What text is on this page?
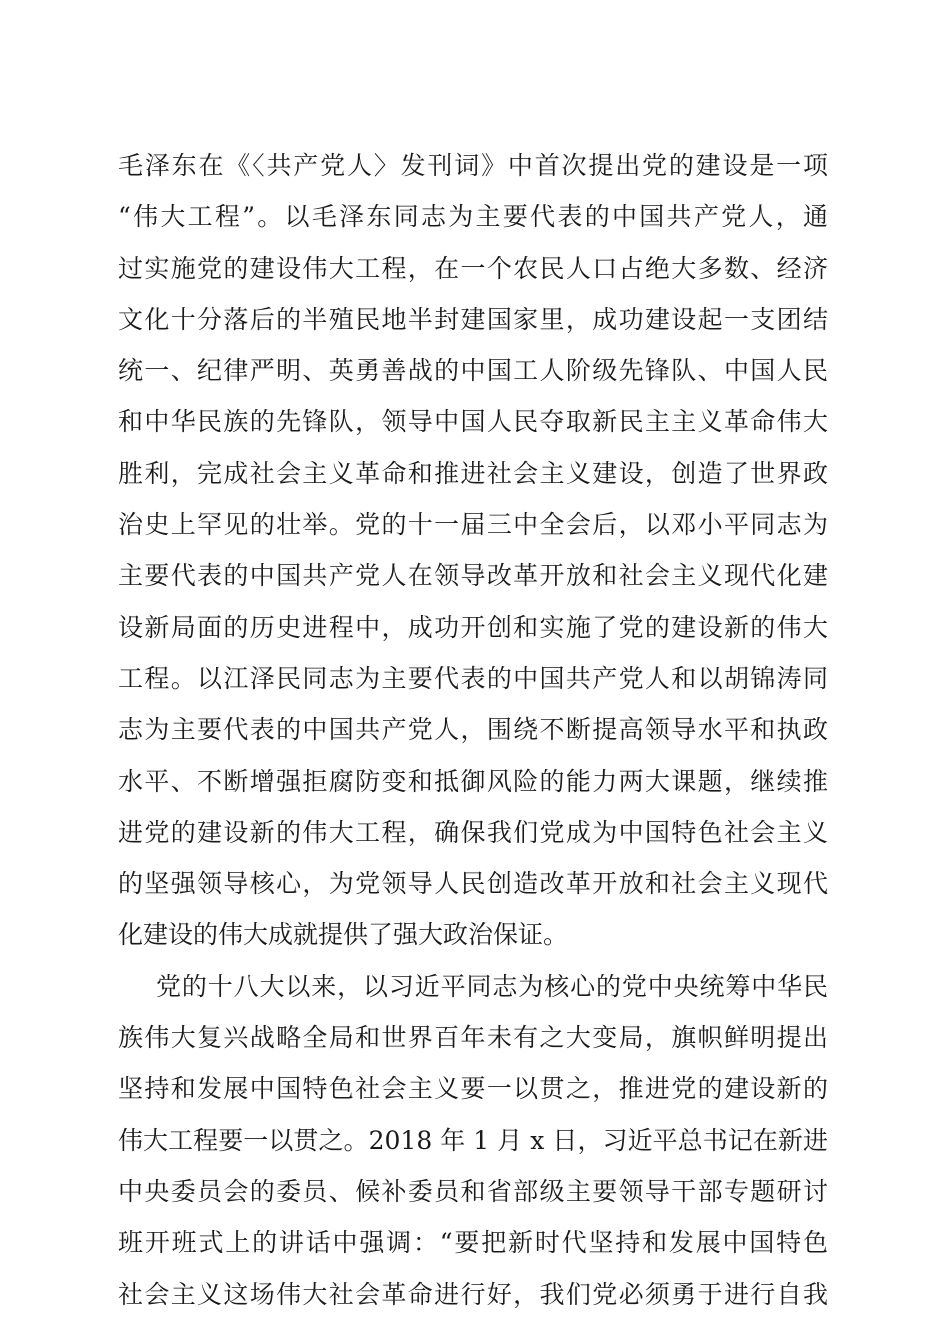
毛泽东在《〈共产党人〉发刊词》中首次提出党的建设是一项
“伟大工程”。以毛泽东同志为主要代表的中国共产党人，通
过实施党的建设伟大工程，在一个农民人口占绝大多数、经济
文化十分落后的半殖民地半封建国家里，成功建设起一支团结
统一、纪律严明、英勇善战的中国工人阶级先锋队、中国人民
和中华民族的先锋队，领导中国人民夺取新民主主义革命伟大
胜利，完成社会主义革命和推进社会主义建设，创造了世界政
治史上罕见的壮举。党的十一届三中全会后，以邓小平同志为
主要代表的中国共产党人在领导改革开放和社会主义现代化建
设新局面的历史进程中，成功开创和实施了党的建设新的伟大
工程。以江泽民同志为主要代表的中国共产党人和以胡锦涛同
志为主要代表的中国共产党人，围绕不断提高领导水平和执政
水平、不断增强拒腐防变和抵御风险的能力两大课题，继续推
进党的建设新的伟大工程，确保我们党成为中国特色社会主义
的坚强领导核心，为党领导人民创造改革开放和社会主义现代
化建设的伟大成就提供了强大政治保证。
党的十八大以来，以习近平同志为核心的党中央统筹中华民
族伟大复兴战略全局和世界百年未有之大变局，旗帜鲜明提出
坚持和发展中国特色社会主义要一以贯之，推进党的建设新的
伟大工程要一以贯之。2018 年 1 月 x 日，习近平总书记在新进
中央委员会的委员、候补委员和省部级主要领导干部专题研讨
班开班式上的讲话中强调：“要把新时代坚持和发展中国特色
社会主义这场伟大社会革命进行好，我们党必须勇于进行自我
